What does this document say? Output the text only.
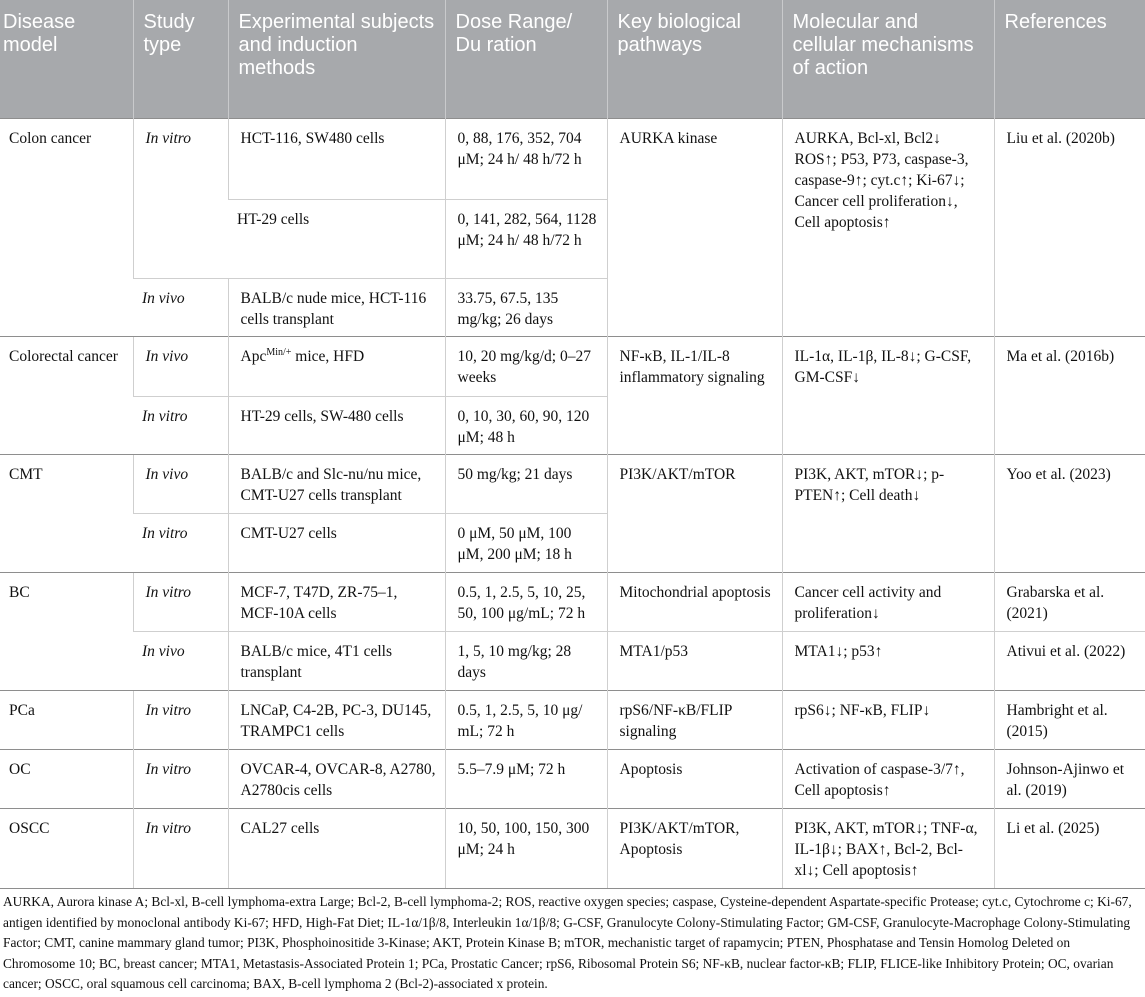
Disease model	Study type	Experimental subjects and induction methods	Dose Range/ Du ration	Key biological pathways	Molecular and cellular mechanisms of action	References
Colon cancer	In vitro	HCT-116, SW480 cells	0, 88, 176, 352, 704 μM; 24 h/ 48 h/72 h	AURKA kinase	AURKA, Bcl-xl, Bcl2↓ ROS↑; P53, P73, caspase-3, caspase-9↑; cyt.c↑; Ki-67↓; Cancer cell proliferation↓, Cell apoptosis↑	Liu et al. (2020b)
		HT-29 cells	0, 141, 282, 564, 1128 μM; 24 h/ 48 h/72 h			
	In vivo	BALB/c nude mice, HCT-116 cells transplant	33.75, 67.5, 135 mg/kg; 26 days			
Colorectal cancer	In vivo	Apc$^{Min/+}$ mice, HFD	10, 20 mg/kg/d; 0–27 weeks	NF-κB, IL-1/IL-8 inflammatory signaling	IL-1α, IL-1β, IL-8↓; G-CSF, GM-CSF↓	Ma et al. (2016b)
	In vitro	HT-29 cells, SW-480 cells	0, 10, 30, 60, 90, 120 μM; 48 h			
CMT	In vivo	BALB/c and Slc-nu/nu mice, CMT-U27 cells transplant	50 mg/kg; 21 days	PI3K/AKT/mTOR	PI3K, AKT, mTOR↓; p-PTEN↑; Cell death↓	Yoo et al. (2023)
	In vitro	CMT-U27 cells	0 μM, 50 μM, 100 μM, 200 μM; 18 h			
BC	In vitro	MCF-7, T47D, ZR-75–1, MCF-10A cells	0.5, 1, 2.5, 5, 10, 25, 50, 100 μg/mL; 72 h	Mitochondrial apoptosis	Cancer cell activity and proliferation↓	Grabarska et al. (2021)
	In vivo	BALB/c mice, 4T1 cells transplant	1, 5, 10 mg/kg; 28 days	MTA1/p53	MTA1↓; p53↑	Ativui et al. (2022)
PCa	In vitro	LNCaP, C4-2B, PC-3, DU145, TRAMPC1 cells	0.5, 1, 2.5, 5, 10 μg/ mL; 72 h	rpS6/NF-κB/FLIP signaling	rpS6↓; NF-κB, FLIP↓	Hambright et al. (2015)
OC	In vitro	OVCAR-4, OVCAR-8, A2780, A2780cis cells	5.5–7.9 μM; 72 h	Apoptosis	Activation of caspase-3/7↑, Cell apoptosis↑	Johnson-Ajinwo et al. (2019)
OSCC	In vitro	CAL27 cells	10, 50, 100, 150, 300 μM; 24 h	PI3K/AKT/mTOR, Apoptosis	PI3K, AKT, mTOR↓; TNF-α, IL-1β↓; BAX↑, Bcl-2, Bcl-xl↓; Cell apoptosis↑	Li et al. (2025)

AURKA, Aurora kinase A; Bcl-xl, B-cell lymphoma-extra Large; Bcl-2, B-cell lymphoma-2; ROS, reactive oxygen species; caspase, Cysteine-dependent Aspartate-specific Protease; cyt.c, Cytochrome c; Ki-67, antigen identified by monoclonal antibody Ki-67; HFD, High-Fat Diet; IL-1α/1β/8, Interleukin 1α/1β/8; G-CSF, Granulocyte Colony-Stimulating Factor; GM-CSF, Granulocyte-Macrophage Colony-Stimulating Factor; CMT, canine mammary gland tumor; PI3K, Phosphoinositide 3-Kinase; AKT, Protein Kinase B; mTOR, mechanistic target of rapamycin; PTEN, Phosphatase and Tensin Homolog Deleted on Chromosome 10; BC, breast cancer; MTA1, Metastasis-Associated Protein 1; PCa, Prostatic Cancer; rpS6, Ribosomal Protein S6; NF-κB, nuclear factor-κB; FLIP, FLICE-like Inhibitory Protein; OC, ovarian cancer; OSCC, oral squamous cell carcinoma; BAX, B-cell lymphoma 2 (Bcl-2)-associated x protein.
